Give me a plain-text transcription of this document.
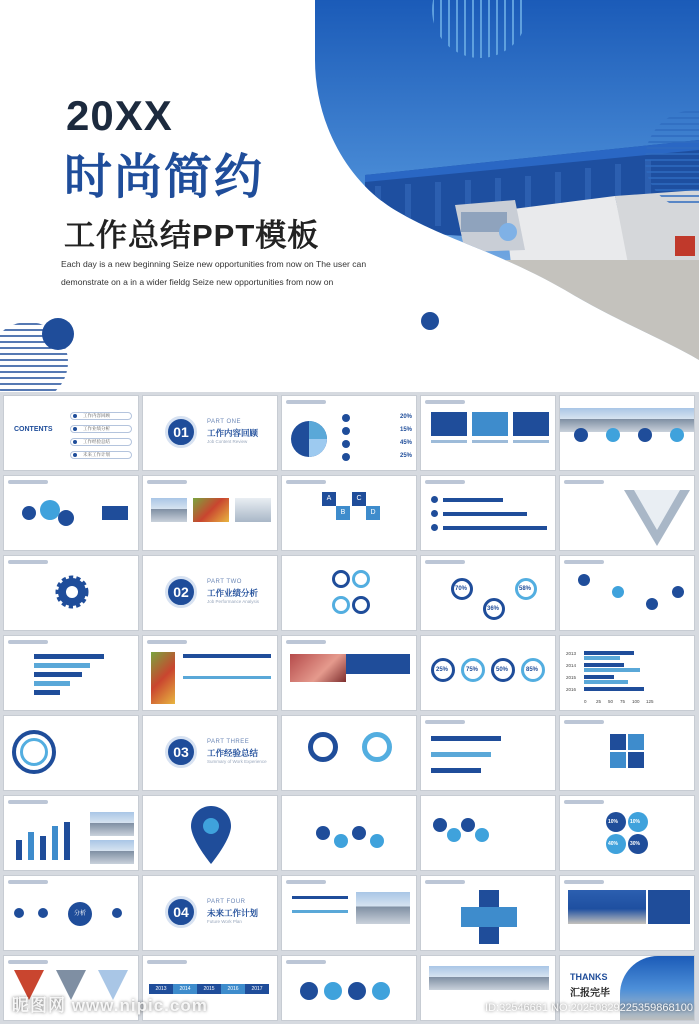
20XX
时尚简约
工作总结PPT模板
Each day is a new beginning Seize new opportunities from now on The user can
demonstrate on a in a wider fieldg Seize new opportunities from now on
CONTENTS
工作内容回顾
工作业绩分析
工作经验总结
未来工作计划
01
PART ONE
工作内容回顾
Job Content Review
20%
15%
45%
25%
A
B
C
D
02
PART TWO
工作业绩分析
Job Performance Analysis
70%	58%
36%
25%	75%	50%	85%
2013
2014
2015
2016
0 25 50 75 100 125
03
PART THREE
工作经验总结
Summary of Work Experience
10% 10%
40% 30%
分析	04
PART FOUR
未来工作计划
Future Work Plan
2013	2014	2015	2016	2017
THANKS
汇报完毕
昵图网 www.nipic.com	ID:32546661 NO:20250829225359868100
